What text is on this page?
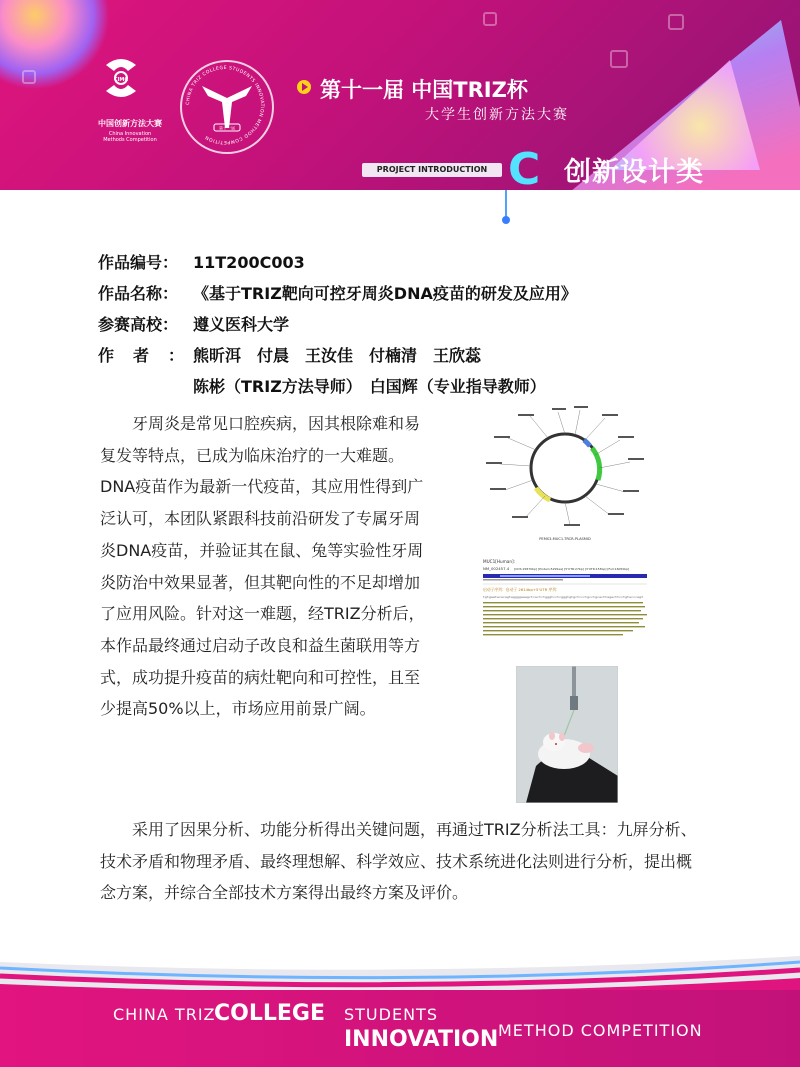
CIMC
中国创新方法大赛
China Innovation
Methods Competition
CHINA TRIZ COLLEGE STUDENTS INNOVATION METHOD COMPETITION
第十一届
第十一届 中国TRIZ杯
大学生创新方法大赛
PROJECT INTRODUCTION C 创新设计类
作品编号： 11T200C003
作品名称： 《基于TRIZ靶向可控牙周炎DNA疫苗的研发及应用》
参赛高校： 遵义医科大学
作者：熊昕洱　付晨　王汝佳　付楠清　王欣蕊
陈彬（TRIZ方法导师）　白国辉（专业指导教师）

牙周炎是常见口腔疾病，因其根除难和易复发等特点，已成为临床治疗的一大难题。DNA疫苗作为最新一代疫苗，其应用性得到广泛认可，本团队紧跟科技前沿研发了专属牙周炎DNA疫苗，并验证其在鼠、兔等实验性牙周炎防治中效果显著，但其靶向性的不足却增加了应用风险。针对这一难题，经TRIZ分析后，本作品最终通过启动子改良和益生菌联用等方式，成功提升疫苗的病灶靶向和可控性，且至少提高50%以上，市场应用前景广阔。

采用了因果分析、功能分析得出关键问题，再通过TRIZ分析法工具：九屏分析、技术矛盾和物理矛盾、最终理想解、科学效应、技术系统进化法则进行分析，提出概念方案，并综合全部技术方案得出最终方案及评价。

PEMS3-MUC1-TRCR-PLASMID
MUC1[Human]:
NM_002457.4 [CDS:15870bp] [Protein:5295aa] [5'UTR:27bp] [3'UTR:153bp] [Full:16050bp]
启动子序列：启动子 2614bp+5'UTR 序列：
tgtgaatacacagtaggggaaagctcactctgggtcctcgggtgtgctccctgcctgcacttagacttcctgtacccagt
CHINA TRIZ
COLLEGE STUDENTS
INNOVATION METHOD COMPETITION
